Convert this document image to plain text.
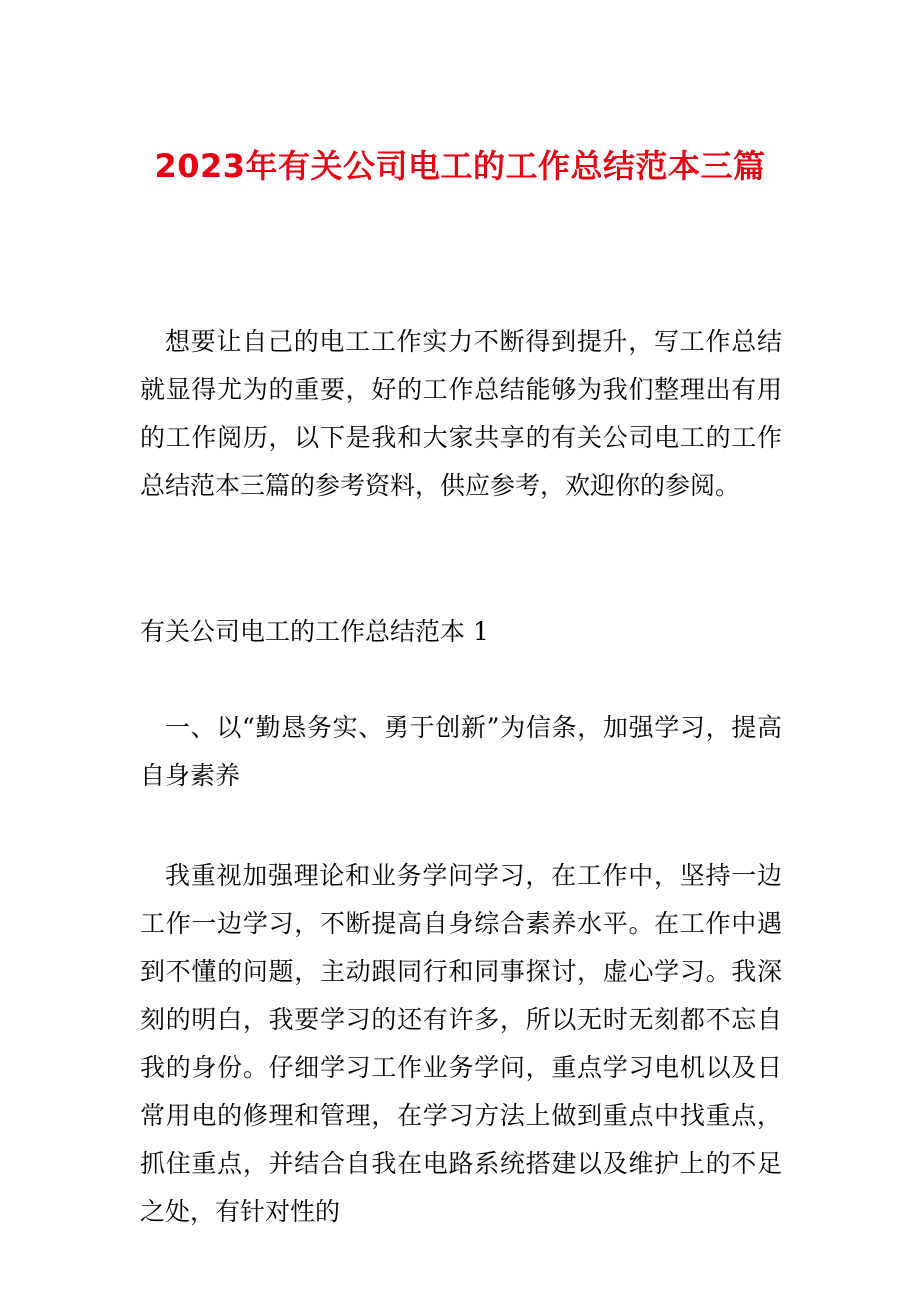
2023年有关公司电工的工作总结范本三篇

想要让自己的电工工作实力不断得到提升，写工作总结就显得尤为的重要，好的工作总结能够为我们整理出有用的工作阅历，以下是我和大家共享的有关公司电工的工作总结范本三篇的参考资料，供应参考，欢迎你的参阅。

有关公司电工的工作总结范本 1

一、以“勤恳务实、勇于创新”为信条，加强学习，提高自身素养

我重视加强理论和业务学问学习，在工作中，坚持一边工作一边学习，不断提高自身综合素养水平。在工作中遇到不懂的问题，主动跟同行和同事探讨，虚心学习。我深刻的明白，我要学习的还有许多，所以无时无刻都不忘自我的身份。仔细学习工作业务学问，重点学习电机以及日常用电的修理和管理，在学习方法上做到重点中找重点，抓住重点，并结合自我在电路系统搭建以及维护上的不足之处，有针对性的
